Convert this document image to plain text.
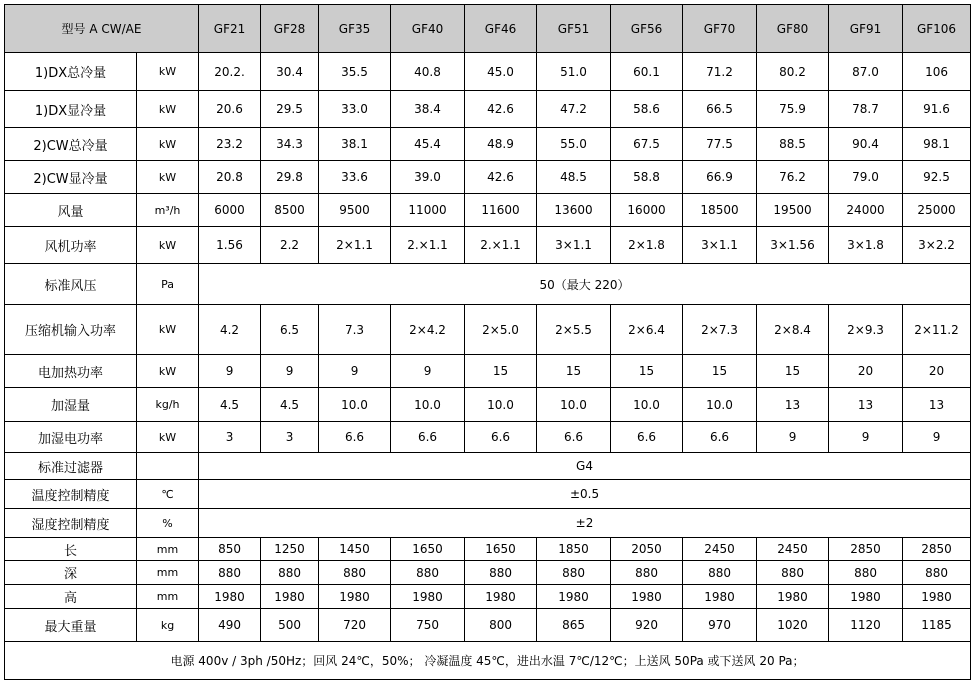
型号 A CW/AE		GF21	GF28	GF35	GF40	GF46	GF51	GF56	GF70	GF80	GF91	GF106
1)DX总冷量	kW	20.2.	30.4	35.5	40.8	45.0	51.0	60.1	71.2	80.2	87.0	106
1)DX显冷量	kW	20.6	29.5	33.0	38.4	42.6	47.2	58.6	66.5	75.9	78.7	91.6
2)CW总冷量	kW	23.2	34.3	38.1	45.4	48.9	55.0	67.5	77.5	88.5	90.4	98.1
2)CW显冷量	kW	20.8	29.8	33.6	39.0	42.6	48.5	58.8	66.9	76.2	79.0	92.5
风量	m³/h	6000	8500	9500	11000	11600	13600	16000	18500	19500	24000	25000
风机功率	kW	1.56	2.2	2×1.1	2.×1.1	2.×1.1	3×1.1	2×1.8	3×1.1	3×1.56	3×1.8	3×2.2
标准风压	Pa	50（最大 220）										
压缩机输入功率	kW	4.2	6.5	7.3	2×4.2	2×5.0	2×5.5	2×6.4	2×7.3	2×8.4	2×9.3	2×11.2
电加热功率	kW	9	9	9	9	15	15	15	15	15	20	20
加湿量	kg/h	4.5	4.5	10.0	10.0	10.0	10.0	10.0	10.0	13	13	13
加湿电功率	kW	3	3	6.6	6.6	6.6	6.6	6.6	6.6	9	9	9
标准过滤器		G4										
温度控制精度	℃	±0.5										
湿度控制精度	%	±2										
长	mm	850	1250	1450	1650	1650	1850	2050	2450	2450	2850	2850
深	mm	880	880	880	880	880	880	880	880	880	880	880
高	mm	1980	1980	1980	1980	1980	1980	1980	1980	1980	1980	1980
最大重量	kg	490	500	720	750	800	865	920	970	1020	1120	1185
电源 400v / 3ph /50Hz；回风 24℃，50%； 冷凝温度 45℃，进出水温 7℃/12℃；上送风 50Pa 或下送风 20 Pa；												
